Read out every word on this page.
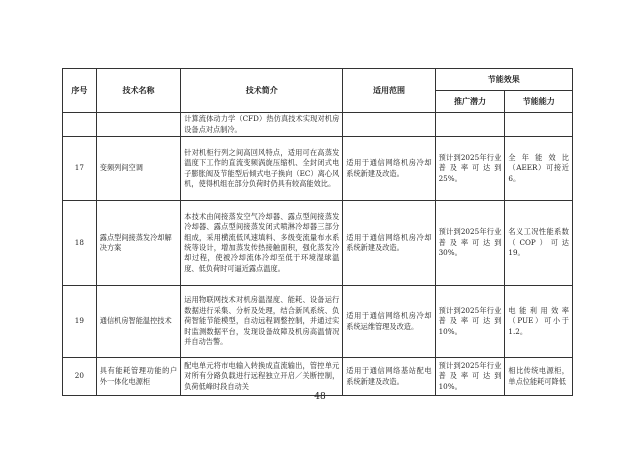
序号	技术名称	技术简介	适用范围	节能效果	
				推广潜力	节能能力
		计算流体动力学（CFD）热仿真技术实现对机房设备点对点制冷。			
17	变频列间空调	针对机柜行列之间高回风特点，适用可在高蒸发温度下工作的直流变频涡旋压缩机、全封闭式电子膨胀阀及节能型后倾式电子换向（EC）离心风机，使得机组在部分负荷时仍具有较高能效比。	适用于通信网络机房冷却系统新建及改造。	预计到2025年行业普及率可达到25%。	全年能效比（AEER）可接近6。
18	露点型间接蒸发冷却解决方案	本技术由间接蒸发空气冷却器、露点型间接蒸发冷却器、露点型间接蒸发闭式喷淋冷却器三部分组成，采用横流低风速填料、多级变流量布水系统等设计，增加蒸发传热接触面积，强化蒸发冷却过程，使被冷却流体冷却至低于环境湿球温度、低负荷时可逼近露点温度。	适用于通信网络机房冷却系统新建及改造。	预计到2025年行业普及率可达到30%。	名义工况性能系数（COP）可达19。
19	通信机房智能温控技术	运用物联网技术对机房温湿度、能耗、设备运行数据进行采集、分析及处理，结合新风系统、负荷智能节能模型，自动远程调整控制，并通过实时监测数据平台，发现设备故障及机房高温情况并自动告警。	适用于通信网络机房冷却系统运维管理及改造。	预计到2025年行业普及率可达到10%。	电能利用效率（PUE）可小于1.2。
20	具有能耗管理功能的户外一体化电源柜	配电单元将市电输入转换成直流输出，管控单元对所有分路负载进行远程独立开启／关断控制，负荷低峰时段自动关	适用于通信网络基站配电系统新建及改造。	预计到2025年行业普及率可达到10%。	相比传统电源柜，单点位能耗可降低
48
